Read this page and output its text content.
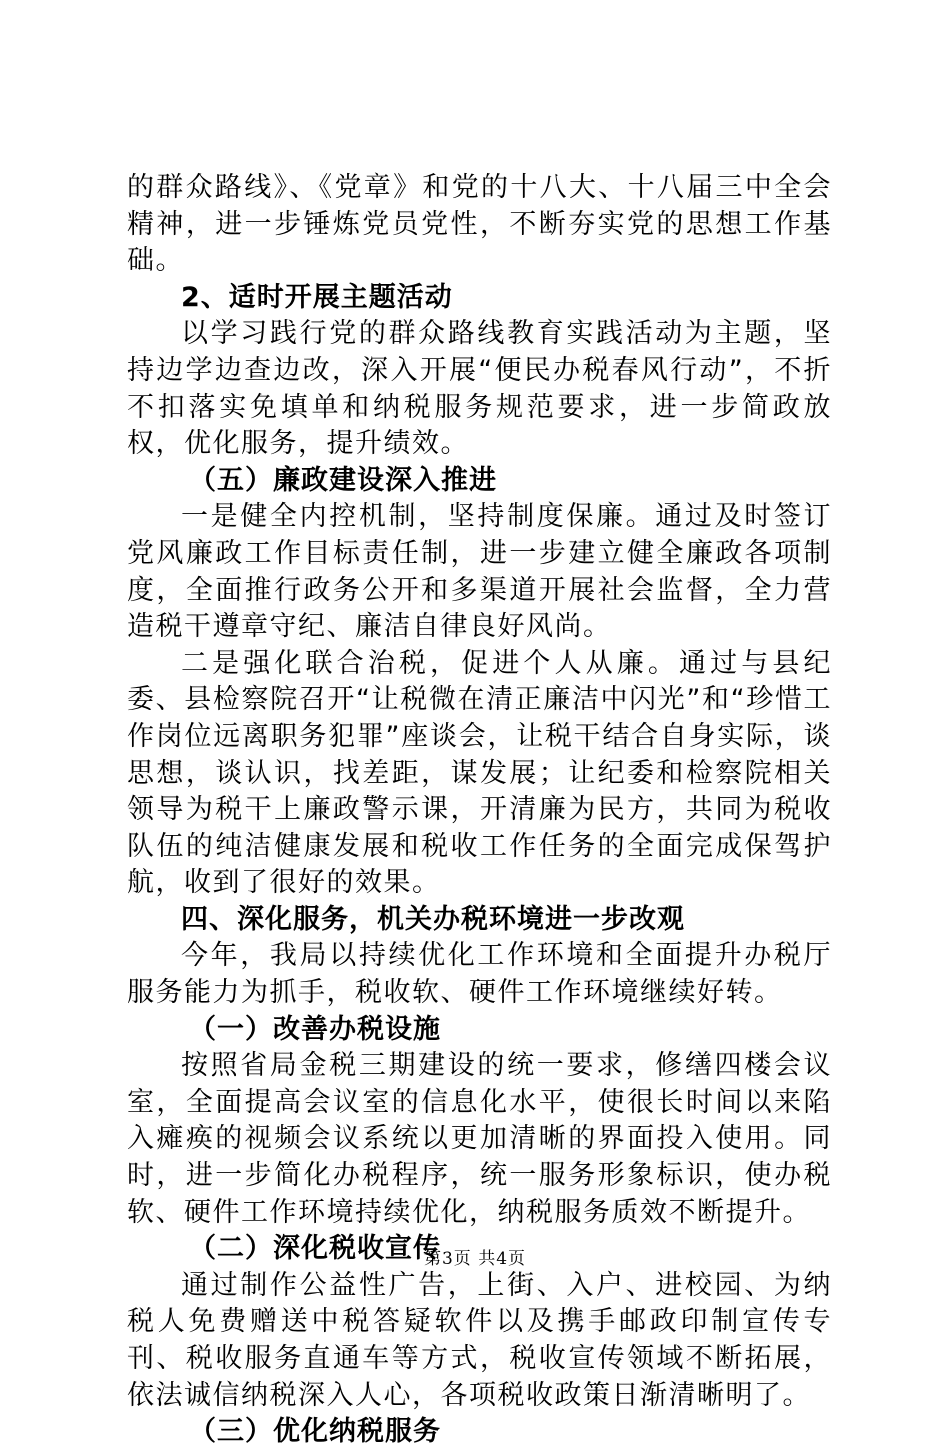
的群众路线》、《党章》和党的十八大、十八届三中全会精神，进一步锤炼党员党性，不断夯实党的思想工作基础。

2、适时开展主题活动

以学习践行党的群众路线教育实践活动为主题，坚持边学边查边改，深入开展“便民办税春风行动”，不折不扣落实免填单和纳税服务规范要求，进一步简政放权，优化服务，提升绩效。

（五）廉政建设深入推进

一是健全内控机制，坚持制度保廉。通过及时签订党风廉政工作目标责任制，进一步建立健全廉政各项制度，全面推行政务公开和多渠道开展社会监督，全力营造税干遵章守纪、廉洁自律良好风尚。

二是强化联合治税，促进个人从廉。通过与县纪委、县检察院召开“让税微在清正廉洁中闪光”和“珍惜工作岗位远离职务犯罪”座谈会，让税干结合自身实际，谈思想，谈认识，找差距，谋发展；让纪委和检察院相关领导为税干上廉政警示课，开清廉为民方，共同为税收队伍的纯洁健康发展和税收工作任务的全面完成保驾护航，收到了很好的效果。

四、深化服务，机关办税环境进一步改观

今年，我局以持续优化工作环境和全面提升办税厅服务能力为抓手，税收软、硬件工作环境继续好转。

（一）改善办税设施

按照省局金税三期建设的统一要求，修缮四楼会议室，全面提高会议室的信息化水平，使很长时间以来陷入瘫痪的视频会议系统以更加清晰的界面投入使用。同时，进一步简化办税程序，统一服务形象标识，使办税软、硬件工作环境持续优化，纳税服务质效不断提升。

（二）深化税收宣传

通过制作公益性广告，上街、入户、进校园、为纳税人免费赠送中税答疑软件以及携手邮政印制宣传专刊、税收服务直通车等方式，税收宣传领域不断拓展，依法诚信纳税深入人心，各项税收政策日渐清晰明了。

（三）优化纳税服务

第3页 共4页
